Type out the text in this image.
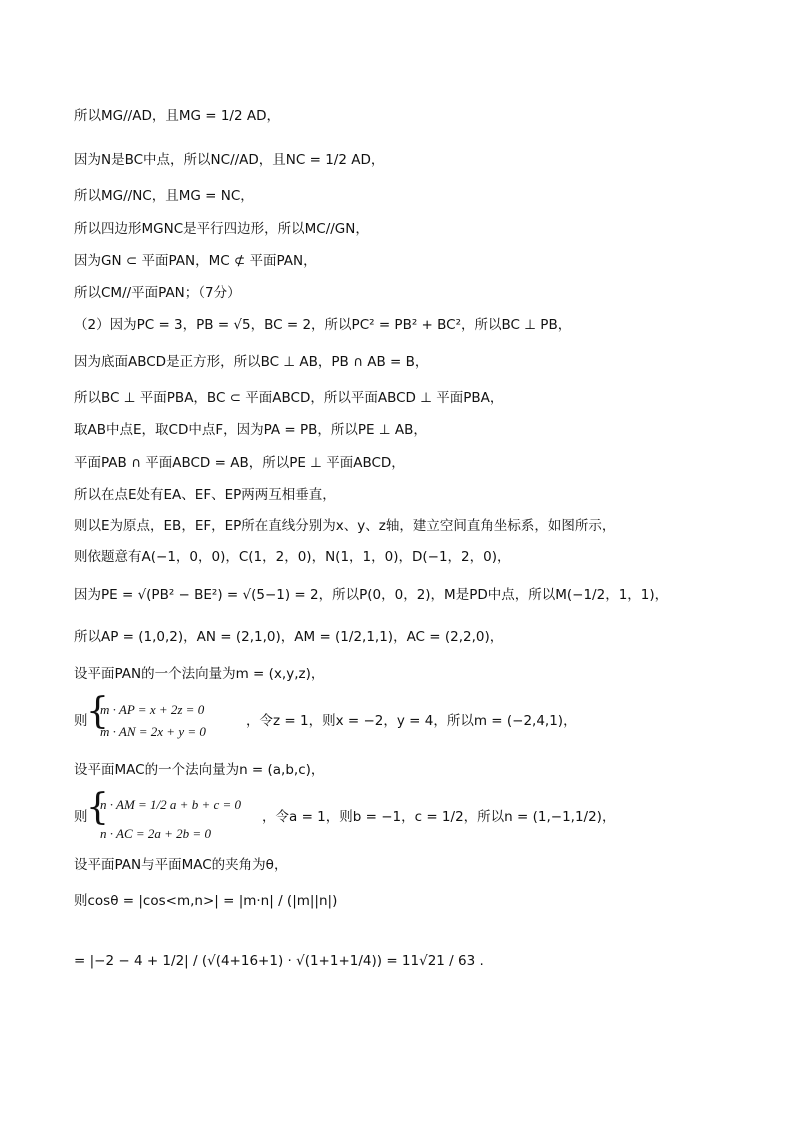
所以MG//AD，且MG = 1/2 AD，
因为N是BC中点，所以NC//AD，且NC = 1/2 AD，
所以MG//NC，且MG = NC，
所以四边形MGNC是平行四边形，所以MC//GN，
因为GN ⊂ 平面PAN，MC ⊄ 平面PAN，
所以CM//平面PAN；（7分）
（2）因为PC = 3，PB = √5，BC = 2，所以PC² = PB² + BC²，所以BC ⊥ PB，
因为底面ABCD是正方形，所以BC ⊥ AB，PB ∩ AB = B，
所以BC ⊥ 平面PBA，BC ⊂ 平面ABCD，所以平面ABCD ⊥ 平面PBA，
取AB中点E，取CD中点F，因为PA = PB，所以PE ⊥ AB，
平面PAB ∩ 平面ABCD = AB，所以PE ⊥ 平面ABCD，
所以在点E处有EA、EF、EP两两互相垂直，
则以E为原点，EB，EF，EP所在直线分别为x、y、z轴，建立空间直角坐标系，如图所示，
则依题意有A(−1，0，0)，C(1，2，0)，N(1，1，0)，D(−1，2，0)，
因为PE = √(PB² − BE²) = √(5−1) = 2，所以P(0，0，2)，M是PD中点，所以M(−1/2，1，1)，
所以AP = (1,0,2)，AN = (2,1,0)，AM = (1/2,1,1)，AC = (2,2,0)，
设平面PAN的一个法向量为m = (x,y,z)，
则
{
m · AP = x + 2z = 0
m · AN = 2x + y = 0
，令z = 1，则x = −2，y = 4，所以m = (−2,4,1)，
设平面MAC的一个法向量为n = (a,b,c)，
则
{
n · AM = 1/2 a + b + c = 0
n · AC = 2a + 2b = 0
，令a = 1，则b = −1，c = 1/2，所以n = (1,−1,1/2)，
设平面PAN与平面MAC的夹角为θ，
则cosθ = |cos<m,n>| = |m·n| / (|m||n|)
= |−2 − 4 + 1/2| / (√(4+16+1) · √(1+1+1/4)) = 11√21 / 63 .
